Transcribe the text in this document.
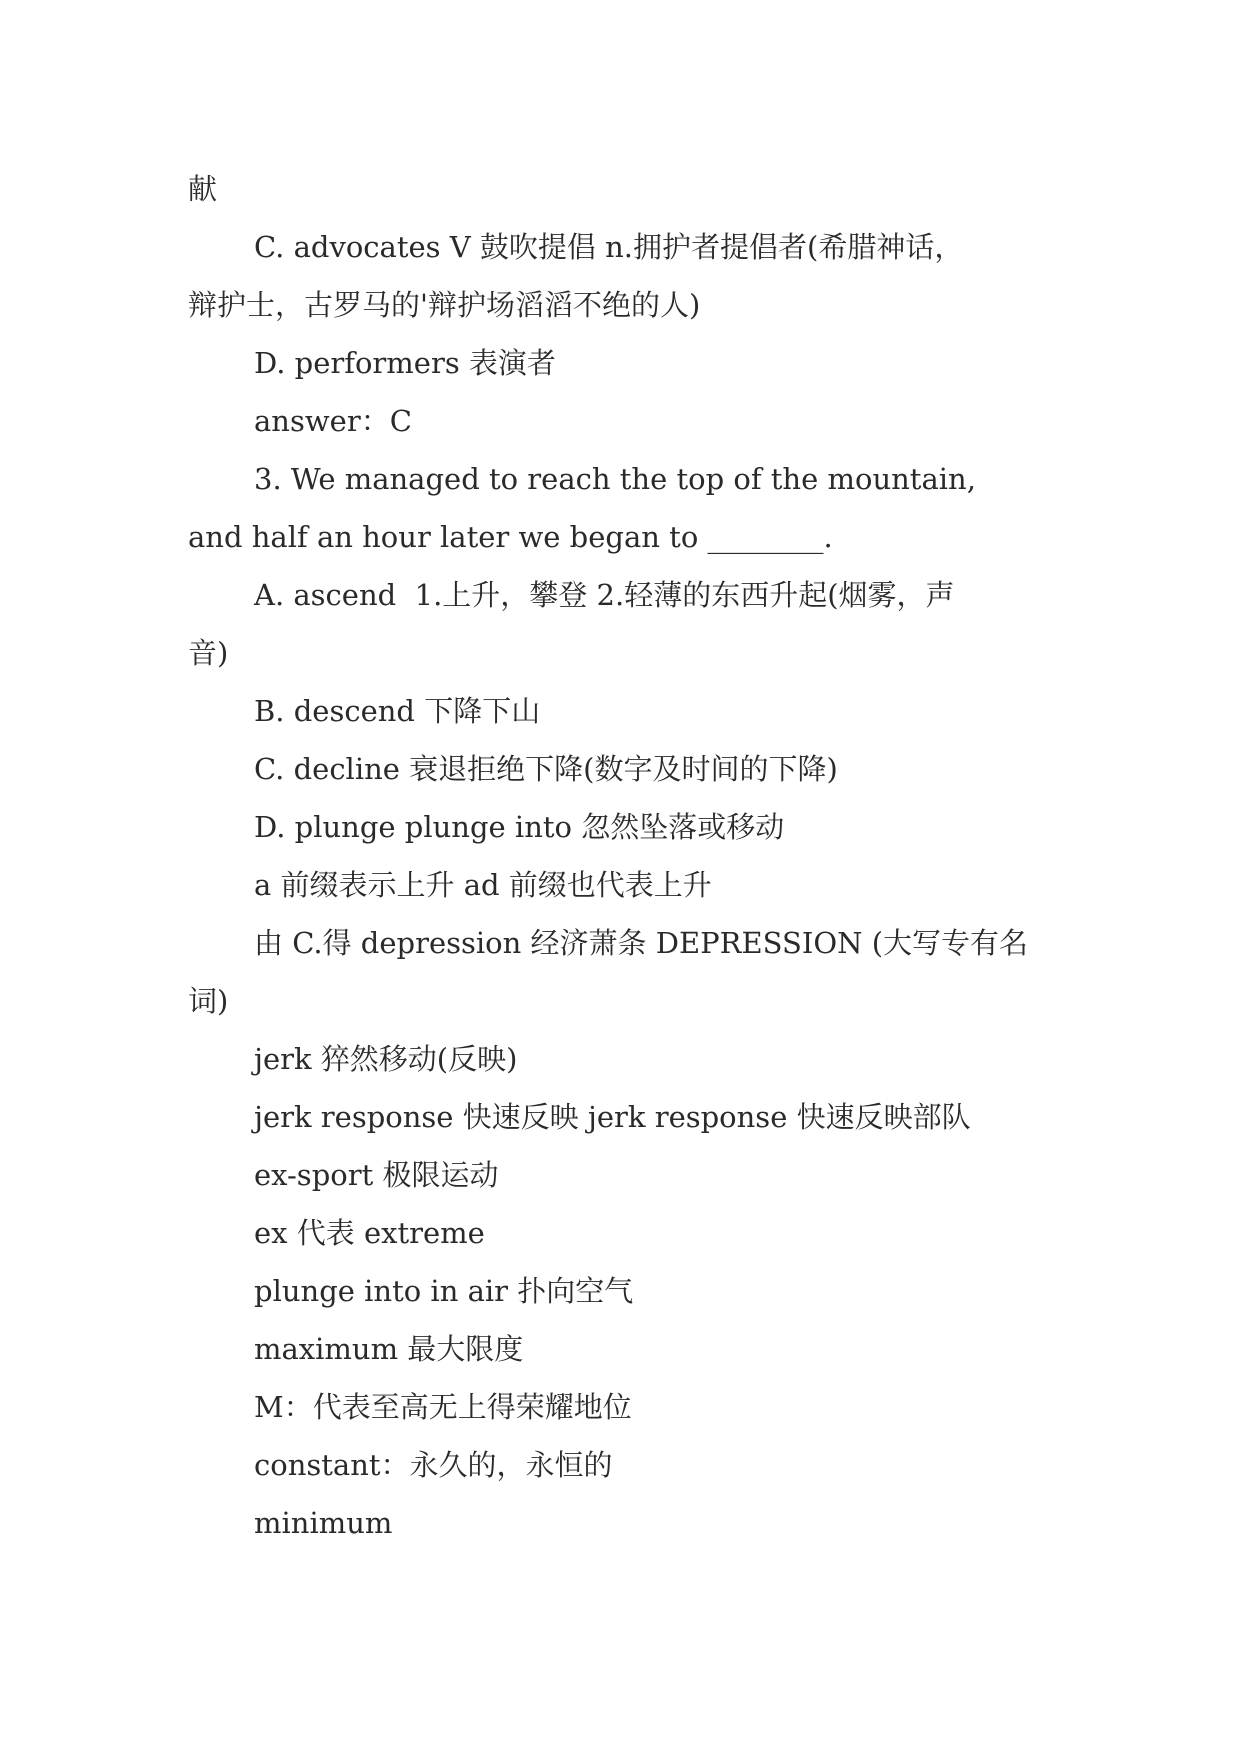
献
C. advocates V 鼓吹提倡 n.拥护者提倡者(希腊神话，
辩护士，古罗马的'辩护场滔滔不绝的人)
D. performers 表演者
answer：C
3. We managed to reach the top of the mountain,
and half an hour later we began to ________.
A. ascend  1.上升，攀登 2.轻薄的东西升起(烟雾，声
音)
B. descend 下降下山
C. decline 衰退拒绝下降(数字及时间的下降)
D. plunge plunge into 忽然坠落或移动
a 前缀表示上升 ad 前缀也代表上升
由 C.得 depression 经济萧条 DEPRESSION (大写专有名
词)
jerk 猝然移动(反映)
jerk response 快速反映 jerk response 快速反映部队
ex-sport 极限运动
ex 代表 extreme
plunge into in air 扑向空气
maximum 最大限度
M：代表至高无上得荣耀地位
constant：永久的，永恒的
minimum
